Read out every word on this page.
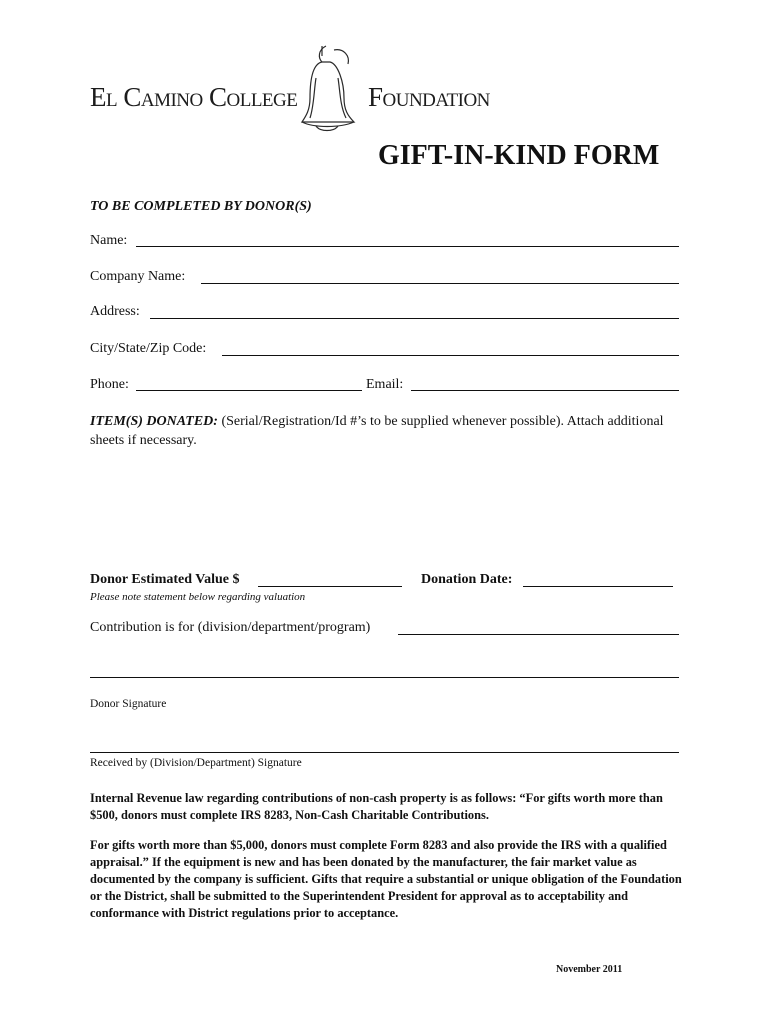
El Camino College	Foundation
GIFT-IN-KIND FORM
TO BE COMPLETED BY DONOR(S)
Name:
Company Name:
Address:
City/State/Zip Code:
Phone:	Email:
ITEM(S) DONATED: (Serial/Registration/Id #’s to be supplied whenever possible). Attach additional sheets if necessary.
Donor Estimated Value $	Donation Date:
Please note statement below regarding valuation
Contribution is for (division/department/program)
Donor Signature
Received by (Division/Department) Signature
Internal Revenue law regarding contributions of non-cash property is as follows: “For gifts worth more than $500, donors must complete IRS 8283, Non-Cash Charitable Contributions.
For gifts worth more than $5,000, donors must complete Form 8283 and also provide the IRS with a qualified appraisal.” If the equipment is new and has been donated by the manufacturer, the fair market value as documented by the company is sufficient. Gifts that require a substantial or unique obligation of the Foundation or the District, shall be submitted to the Superintendent President for approval as to acceptability and conformance with District regulations prior to acceptance.
November 2011
